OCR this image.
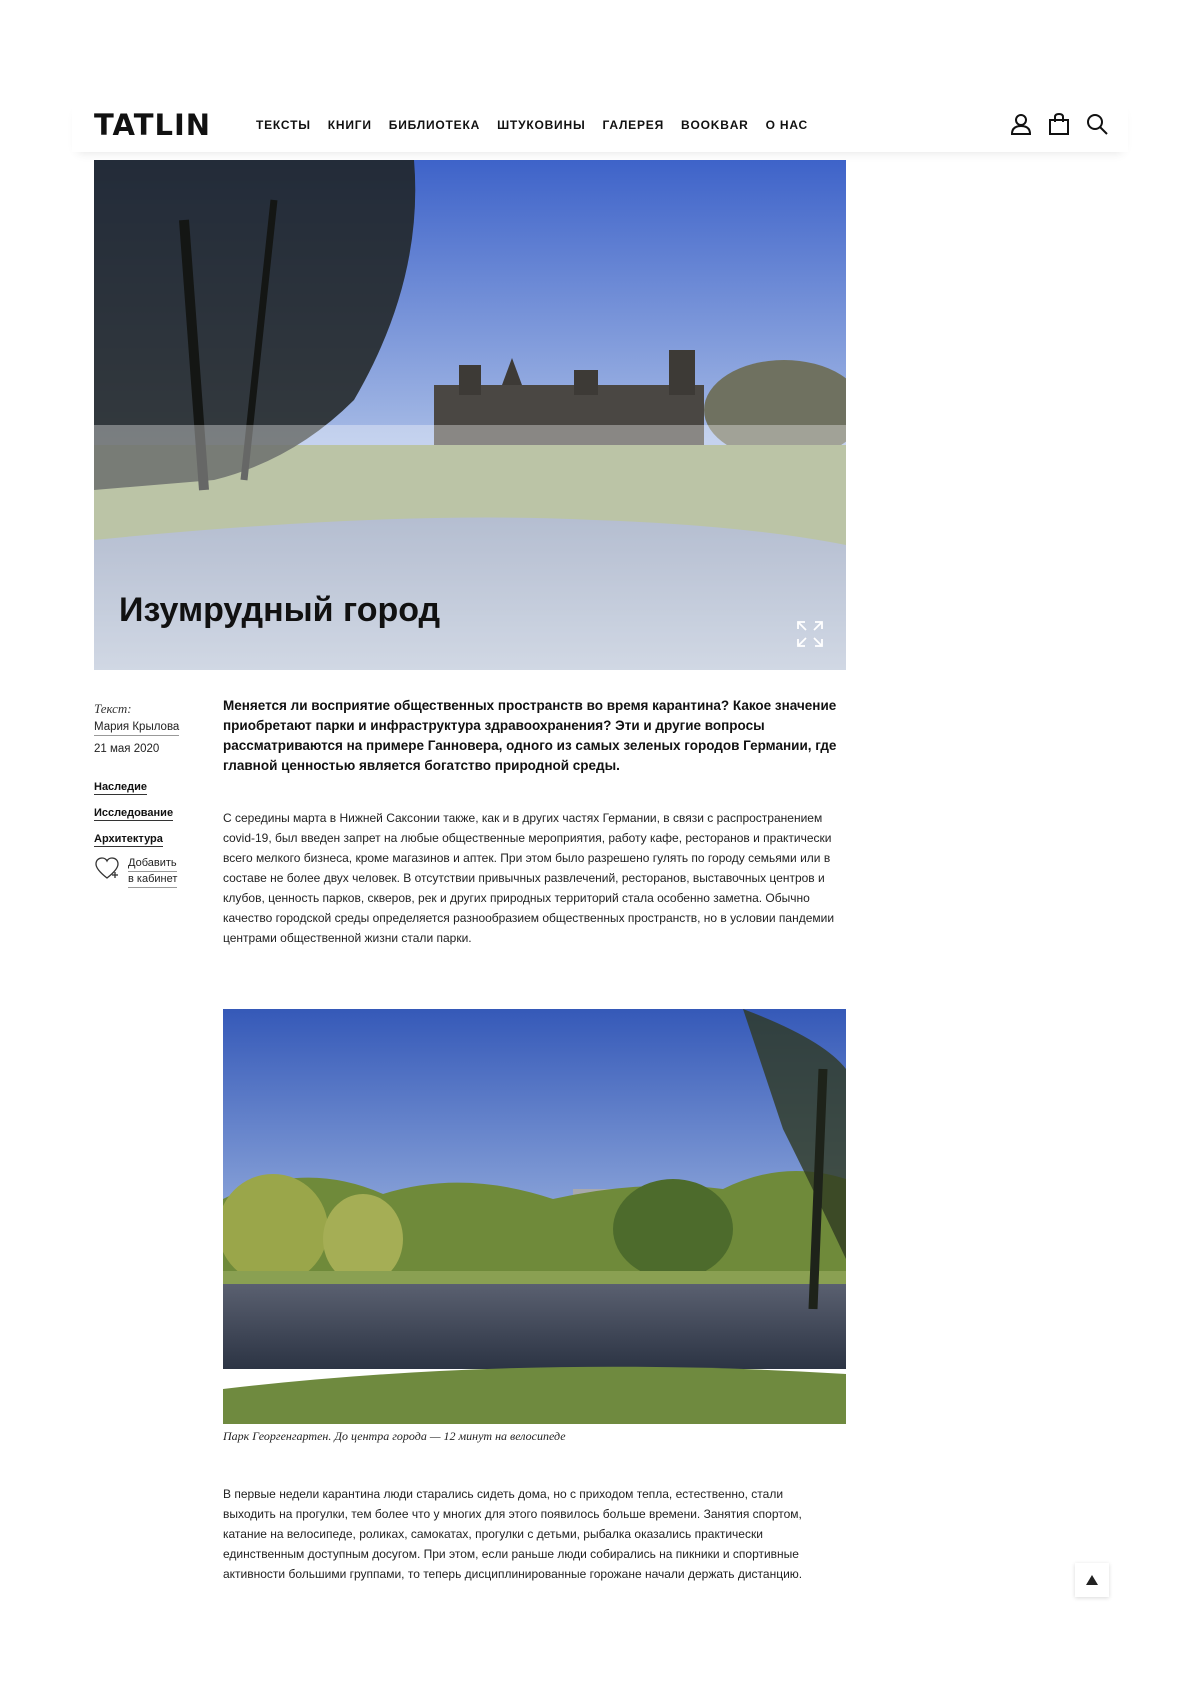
TATLIN	ТЕКСТЫ КНИГИ БИБЛИОТЕКА ШТУКОВИНЫ ГАЛЕРЕЯ BOOKBAR О НАС
Изумрудный город
Текст:
Мария Крылова
21 мая 2020
Наследие
Исследование
Архитектура
Добавить
в кабинет

Меняется ли восприятие общественных пространств во время карантина? Какое значение приобретают парки и инфраструктура здравоохранения? Эти и другие вопросы рассматриваются на примере Ганновера, одного из самых зеленых городов Германии, где главной ценностью является богатство природной среды.

С середины марта в Нижней Саксонии также, как и в других частях Германии, в связи с распространением covid-19, был введен запрет на любые общественные мероприятия, работу кафе, ресторанов и практически всего мелкого бизнеса, кроме магазинов и аптек. При этом было разрешено гулять по городу семьями или в составе не более двух человек. В отсутствии привычных развлечений, ресторанов, выставочных центров и клубов, ценность парков, скверов, рек и других природных территорий стала особенно заметна. Обычно качество городской среды определяется разнообразием общественных пространств, но в условии пандемии центрами общественной жизни стали парки.

Парк Георгенгартен. До центра города — 12 минут на велосипеде

В первые недели карантина люди старались сидеть дома, но с приходом тепла, естественно, стали выходить на прогулки, тем более что у многих для этого появилось больше времени. Занятия спортом, катание на велосипеде, роликах, самокатах, прогулки с детьми, рыбалка оказались практически единственным доступным досугом. При этом, если раньше люди собирались на пикники и спортивные активности большими группами, то теперь дисциплинированные горожане начали держать дистанцию.
